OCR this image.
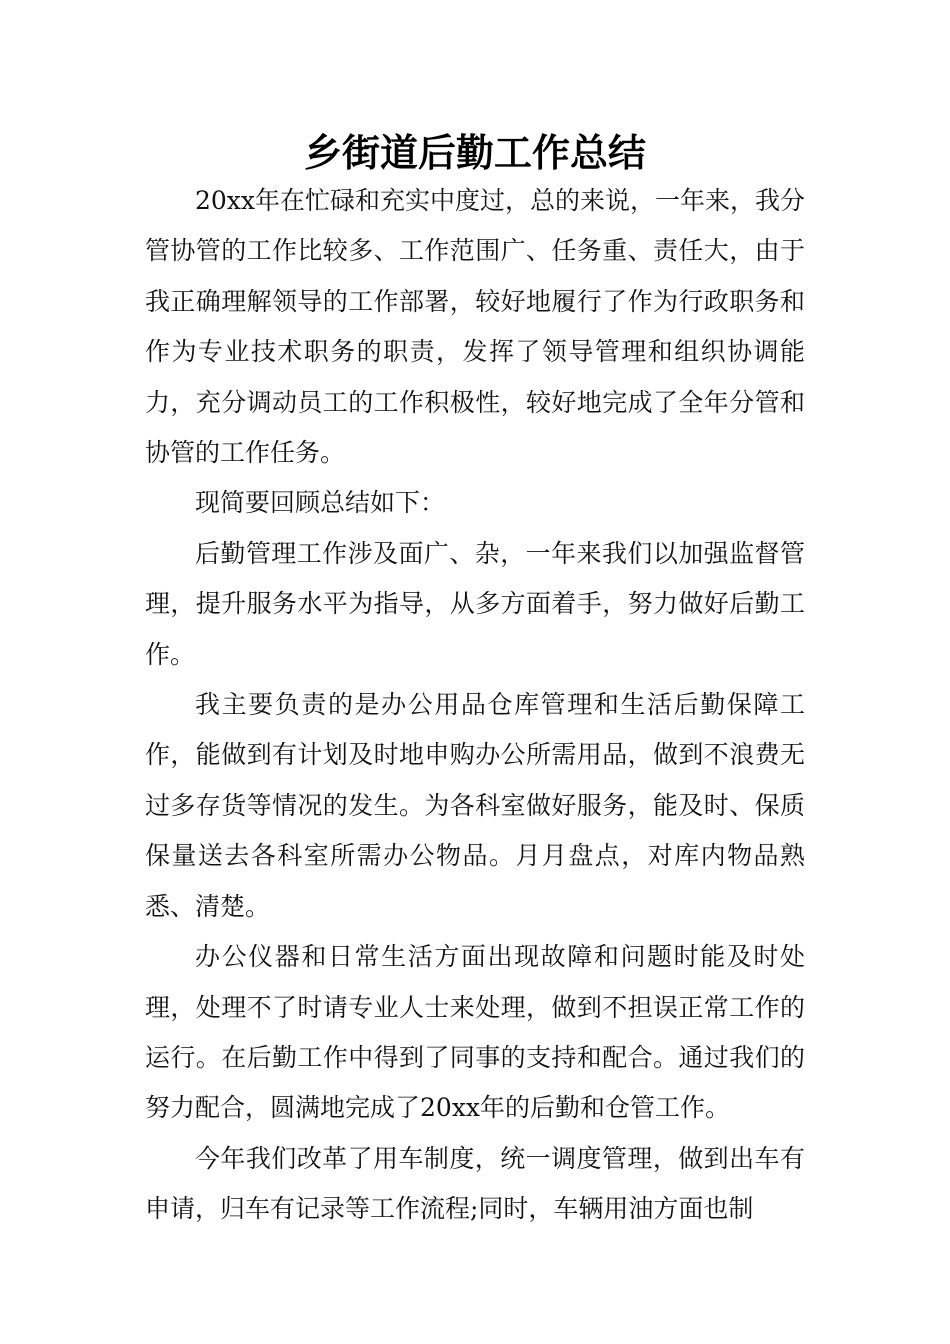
乡街道后勤工作总结

20xx年在忙碌和充实中度过，总的来说，一年来，我分管协管的工作比较多、工作范围广、任务重、责任大，由于我正确理解领导的工作部署，较好地履行了作为行政职务和作为专业技术职务的职责，发挥了领导管理和组织协调能力，充分调动员工的工作积极性，较好地完成了全年分管和协管的工作任务。

现简要回顾总结如下：

后勤管理工作涉及面广、杂，一年来我们以加强监督管理，提升服务水平为指导，从多方面着手，努力做好后勤工作。

我主要负责的是办公用品仓库管理和生活后勤保障工作，能做到有计划及时地申购办公所需用品，做到不浪费无过多存货等情况的发生。为各科室做好服务，能及时、保质保量送去各科室所需办公物品。月月盘点，对库内物品熟悉、清楚。

办公仪器和日常生活方面出现故障和问题时能及时处理，处理不了时请专业人士来处理，做到不担误正常工作的运行。在后勤工作中得到了同事的支持和配合。通过我们的努力配合，圆满地完成了20xx年的后勤和仓管工作。

今年我们改革了用车制度，统一调度管理，做到出车有申请，归车有记录等工作流程;同时，车辆用油方面也制
